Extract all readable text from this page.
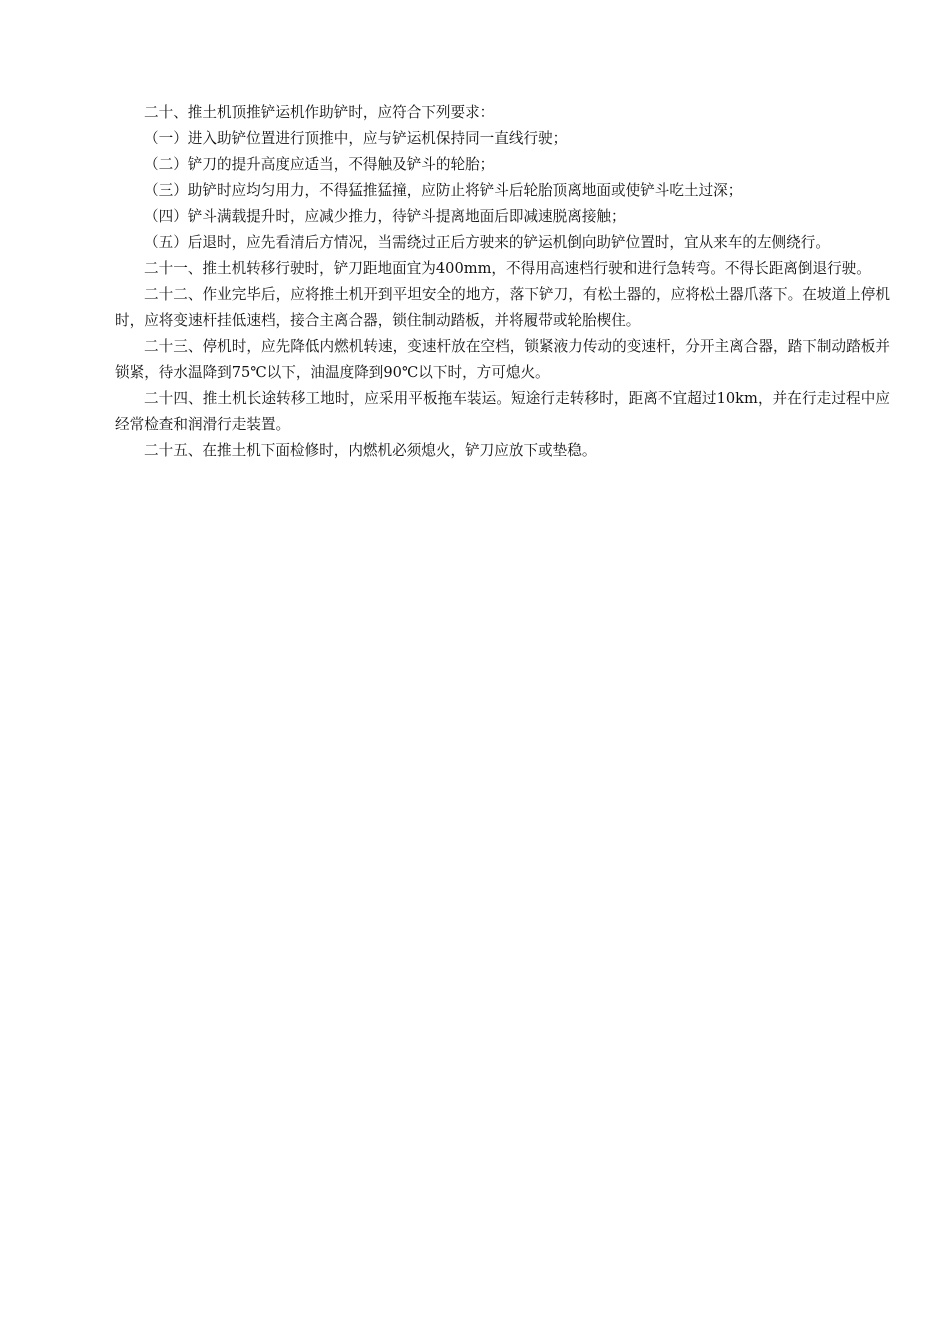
二十、推土机顶推铲运机作助铲时，应符合下列要求：

（一）进入助铲位置进行顶推中，应与铲运机保持同一直线行驶；

（二）铲刀的提升高度应适当，不得触及铲斗的轮胎；

（三）助铲时应均匀用力，不得猛推猛撞，应防止将铲斗后轮胎顶离地面或使铲斗吃土过深；

（四）铲斗满载提升时，应减少推力，待铲斗提离地面后即减速脱离接触；

（五）后退时，应先看清后方情况，当需绕过正后方驶来的铲运机倒向助铲位置时，宜从来车的左侧绕行。

二十一、推土机转移行驶时，铲刀距地面宜为400mm，不得用高速档行驶和进行急转弯。不得长距离倒退行驶。

二十二、作业完毕后，应将推土机开到平坦安全的地方，落下铲刀，有松土器的，应将松土器爪落下。在坡道上停机时，应将变速杆挂低速档，接合主离合器，锁住制动踏板，并将履带或轮胎楔住。

二十三、停机时，应先降低内燃机转速，变速杆放在空档，锁紧液力传动的变速杆，分开主离合器，踏下制动踏板并锁紧，待水温降到75℃以下，油温度降到90℃以下时，方可熄火。

二十四、推土机长途转移工地时，应采用平板拖车装运。短途行走转移时，距离不宜超过10km，并在行走过程中应经常检查和润滑行走装置。

二十五、在推土机下面检修时，内燃机必须熄火，铲刀应放下或垫稳。
